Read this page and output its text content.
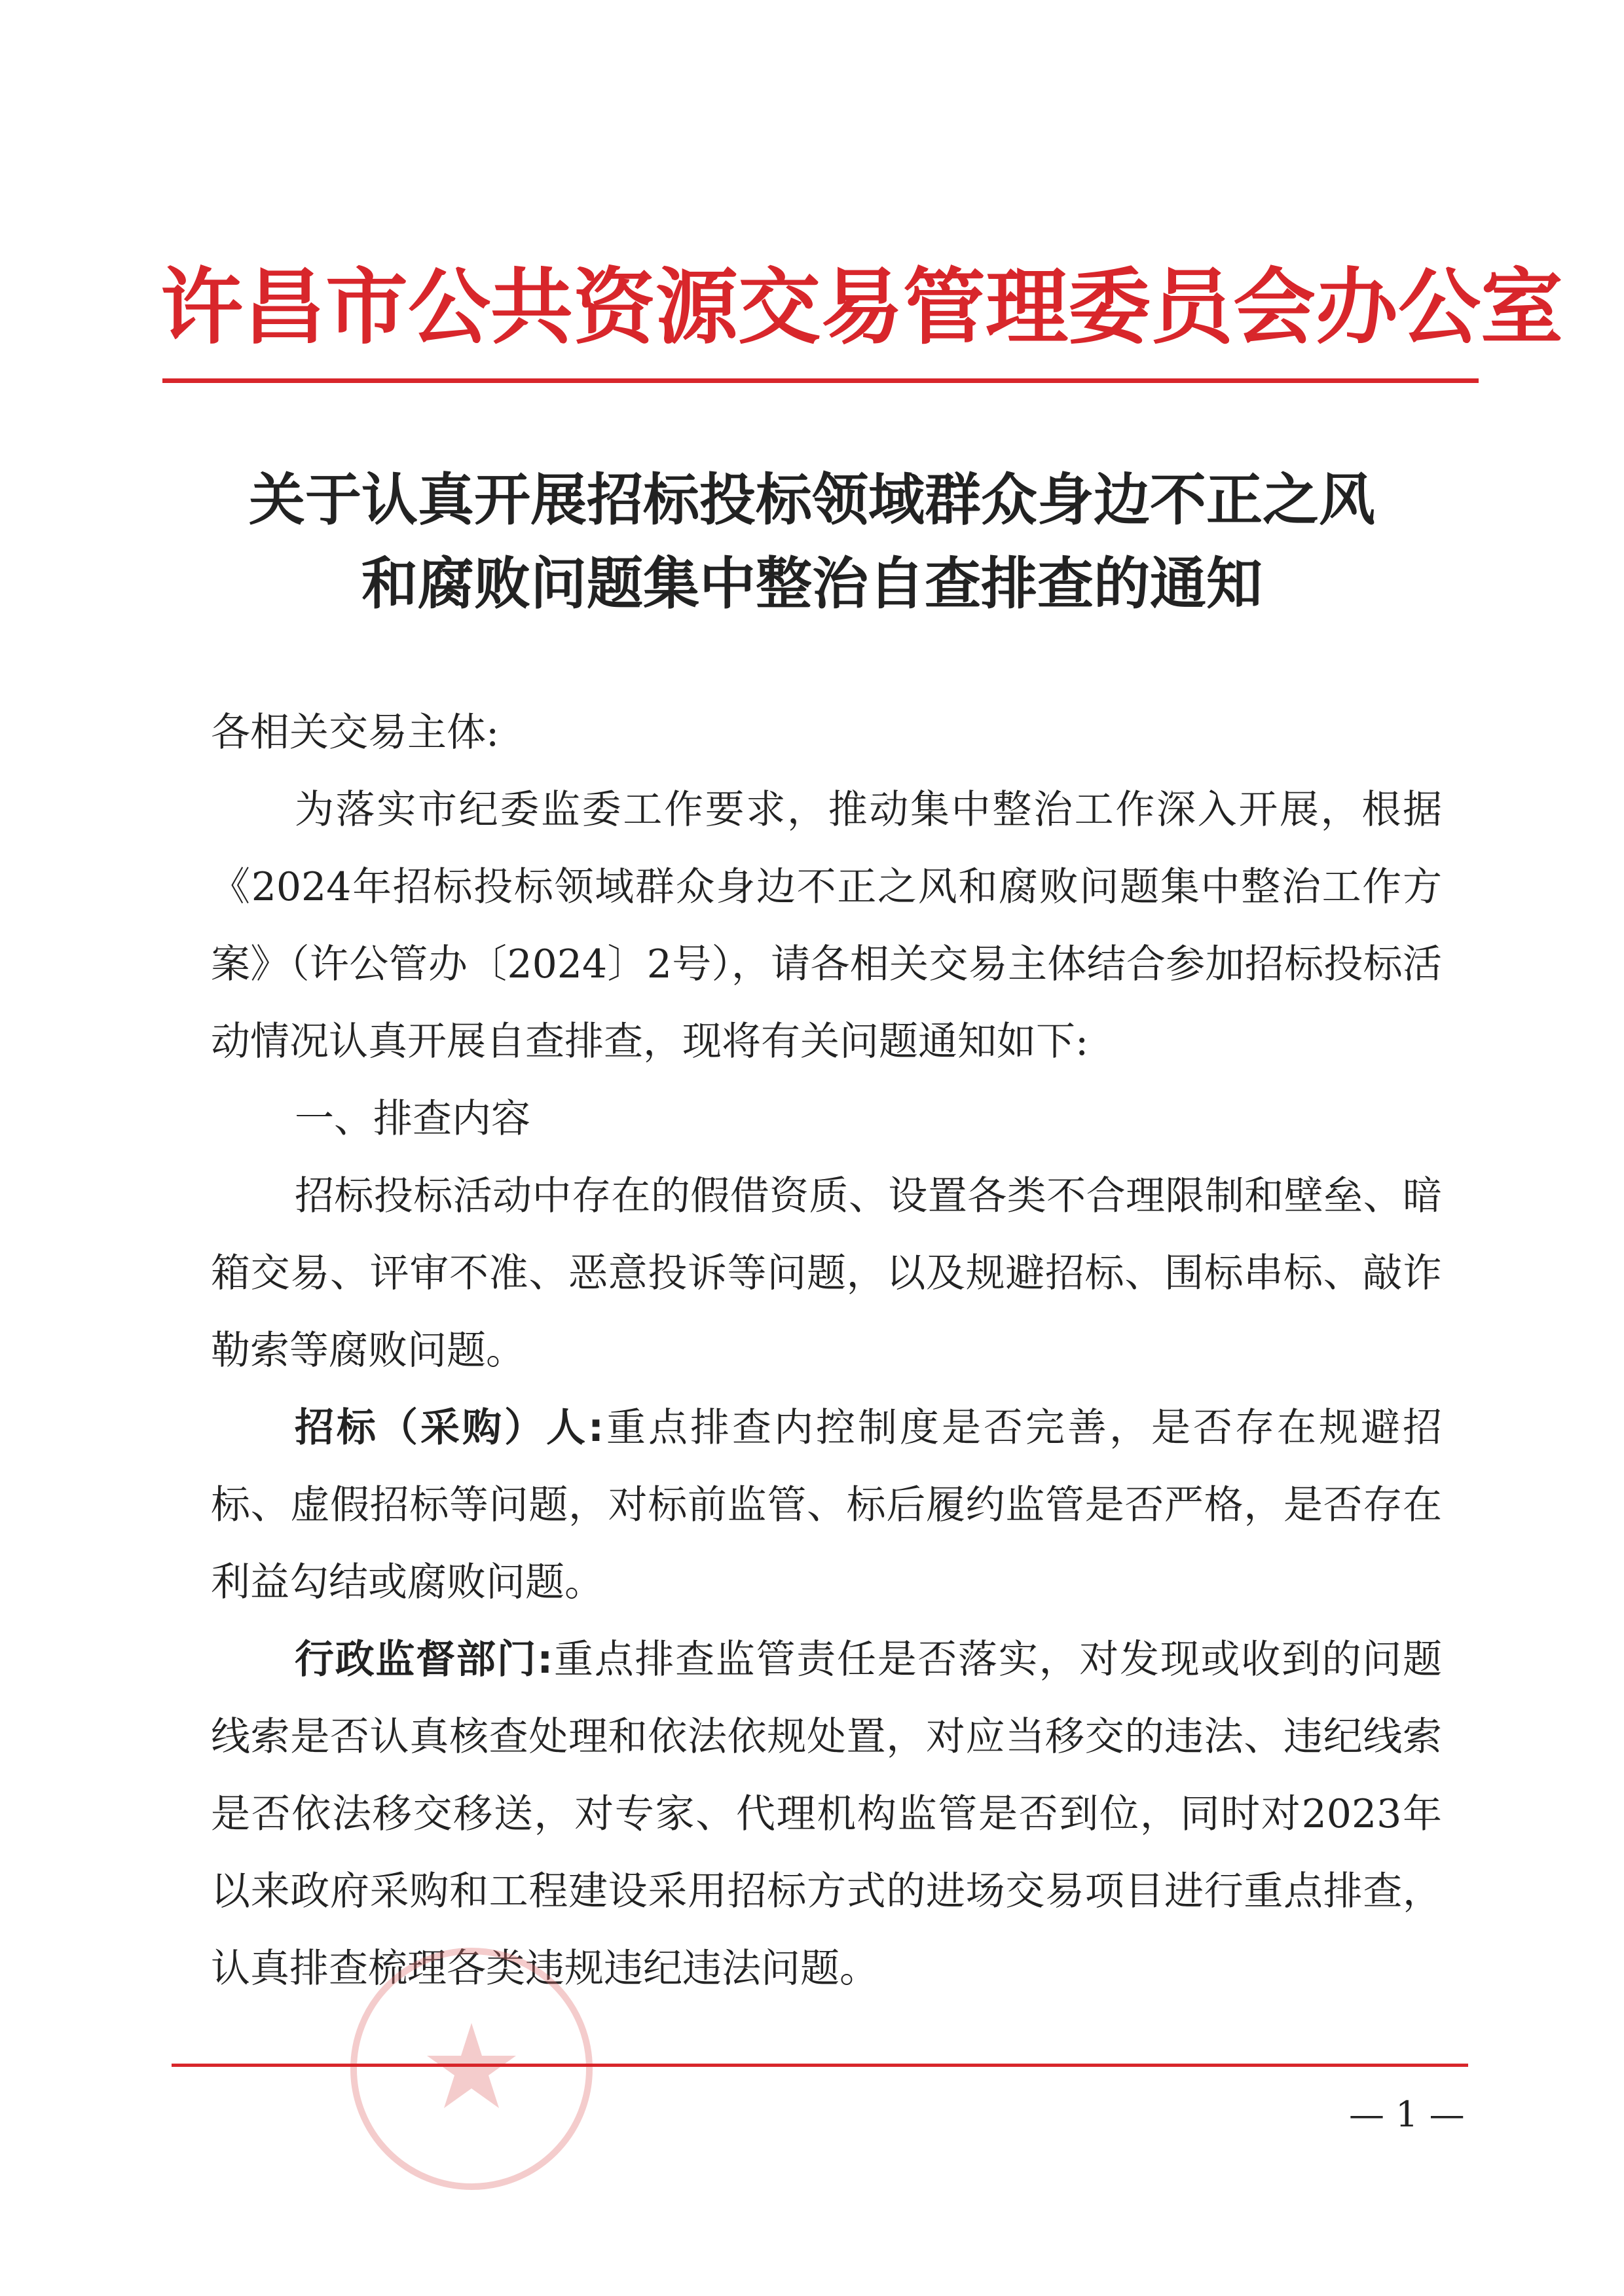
许昌市公共资源交易管理委员会办公室
关于认真开展招标投标领域群众身边不正之风
和腐败问题集中整治自查排查的通知

各相关交易主体:

为落实市纪委监委工作要求，推动集中整治工作深入开展，根据《2024年招标投标领域群众身边不正之风和腐败问题集中整治工作方案》（许公管办〔2024〕2号），请各相关交易主体结合参加招标投标活动情况认真开展自查排查，现将有关问题通知如下:

一、排查内容

招标投标活动中存在的假借资质、设置各类不合理限制和壁垒、暗箱交易、评审不准、恶意投诉等问题，以及规避招标、围标串标、敲诈勒索等腐败问题。

招标（采购）人:重点排查内控制度是否完善，是否存在规避招标、虚假招标等问题，对标前监管、标后履约监管是否严格，是否存在利益勾结或腐败问题。

行政监督部门:重点排查监管责任是否落实，对发现或收到的问题线索是否认真核查处理和依法依规处置，对应当移交的违法、违纪线索是否依法移交移送，对专家、代理机构监管是否到位，同时对2023年以来政府采购和工程建设采用招标方式的进场交易项目进行重点排查，认真排查梳理各类违规违纪违法问题。

— 1 —
